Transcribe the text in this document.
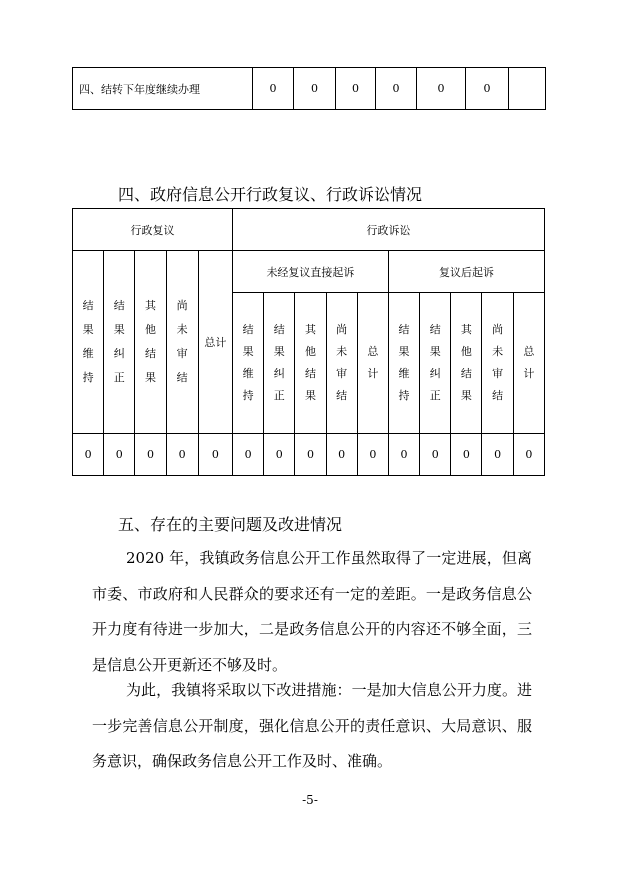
四、结转下年度继续办理	0	0	0	0	0	0	
四、政府信息公开行政复议、行政诉讼情况
行政复议					行政诉讼									
结果维持	结果纠正	其他结果	尚未审结	总计	未经复议直接起诉					复议后起诉				
					结果维持	结果纠正	其他结果	尚未审结	总计	结果维持	结果纠正	其他结果	尚未审结	总计
0	0	0	0	0	0	0	0	0	0	0	0	0	0	0
五、存在的主要问题及改进情况

2020 年，我镇政务信息公开工作虽然取得了一定进展，但离市委、市政府和人民群众的要求还有一定的差距。一是政务信息公开力度有待进一步加大，二是政务信息公开的内容还不够全面，三是信息公开更新还不够及时。

为此，我镇将采取以下改进措施：一是加大信息公开力度。进一步完善信息公开制度，强化信息公开的责任意识、大局意识、服务意识，确保政务信息公开工作及时、准确。

-5-
